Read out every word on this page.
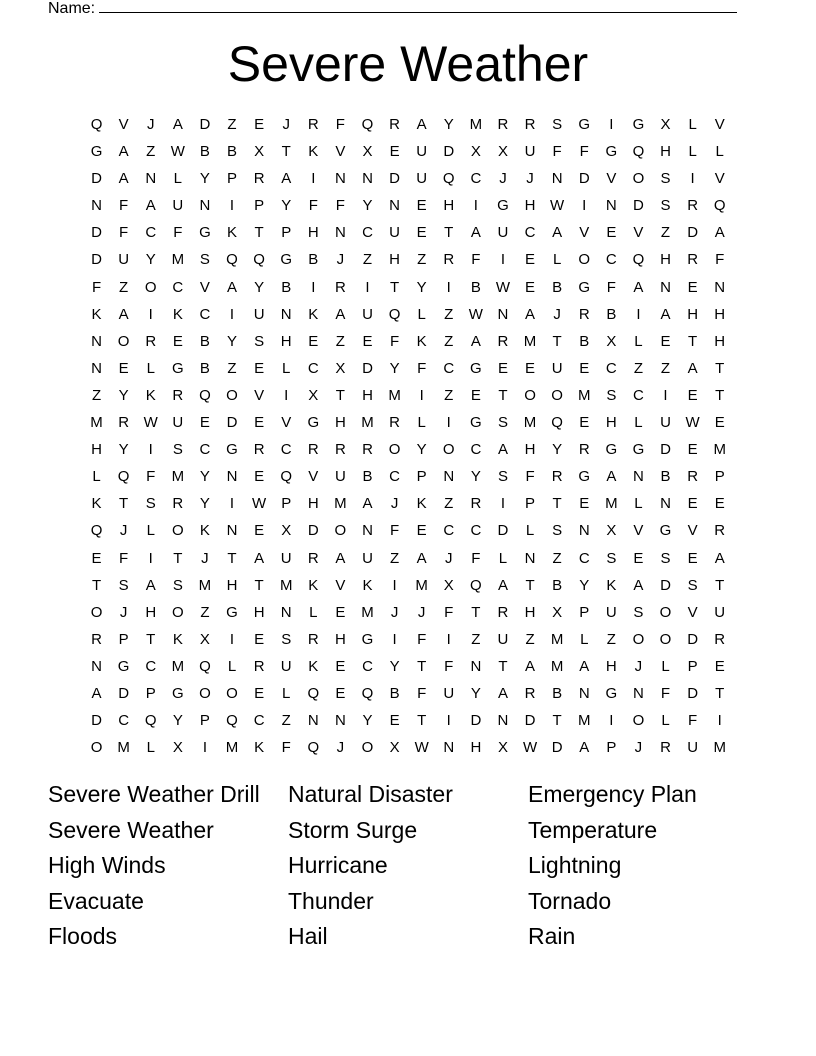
Name:
Severe Weather
Q	V	J	A	D	Z	E	J	R	F	Q	R	A	Y	M	R	R	S	G	I	G	X	L	V
G	A	Z	W	B	B	X	T	K	V	X	E	U	D	X	X	U	F	F	G	Q	H	L	L
D	A	N	L	Y	P	R	A	I	N	N	D	U	Q	C	J	J	N	D	V	O	S	I	V
N	F	A	U	N	I	P	Y	F	F	Y	N	E	H	I	G	H W	I	N	D	S	R	Q
D	F	C	F	G	K	T	P	H	N	C	U	E	T	A	U	C	A	V	E	V	Z	D	A
D	U	Y	M	S	Q	Q	G	B	J	Z	H	Z	R	F	I	E	L	O	C	Q	H	R	F
F	Z	O	C	V	A	Y	B	I	R	I	T	Y	I	B	W	E	B	G	F	A	N	E	N
K	A	I	K	C	I	U	N	K	A	U	Q	L	Z	W N	A	J	R	B	I	A	H	H
N	O	R	E	B	Y	S	H	E	Z	E	F	K	Z	A	R	M	T	B	X	L	E	T	H
N	E	L	G	B	Z	E	L	C	X	D	Y	F	C	G	E	E	U	E	C	Z	Z	A	T
Z	Y	K	R	Q	O	V	I	X	T	H	M	I	Z	E	T	O	O	M	S	C	I	E	T
M	R W U	E	D	E	V	G	H	M	R	L	I	G	S	M	Q	E	H	L	U W	E
H	Y	I	S	C	G	R	C	R	R	R	O	Y	O	C	A	H	Y	R	G	G	D	E	M
L	Q	F	M	Y	N	E	Q	V	U	B	C	P	N	Y	S	F	R	G	A	N	B	R	P
K	T	S	R	Y	I	W	P	H	M	A	J	K	Z	R	I	P	T	E	M	L	N	E	E
Q	J	L	O	K	N	E	X	D	O	N	F	E	C	C	D	L	S	N	X	V	G	V	R
E	F	I	T	J	T	A	U	R	A	U	Z	A	J	F	L	N	Z	C	S	E	S	E	A
T	S	A	S	M	H	T	M	K	V	K	I	M	X	Q	A	T	B	Y	K	A	D	S	T
O	J	H	O	Z	G	H	N	L	E	M	J	J	F	T	R	H	X	P	U	S	O	V	U
R	P	T	K	X	I	E	S	R	H	G	I	F	I	Z	U	Z	M	L	Z	O	O	D	R
N	G	C	M	Q	L	R	U	K	E	C	Y	T	F	N	T	A	M	A	H	J	L	P	E
A	D	P	G	O	O	E	L	Q	E	Q	B	F	U	Y	A	R	B	N	G	N	F	D	T
D	C	Q	Y	P	Q	C	Z	N	N	Y	E	T	I	D	N	D	T	M	I	O	L	F	I
O	M	L	X	I	M	K	F	Q	J	O	X	W N	H	X	W D	A	P	J	R	U	M
Severe Weather Drill	Natural Disaster	Emergency Plan
Severe Weather	Storm Surge	Temperature
High Winds	Hurricane	Lightning
Evacuate	Thunder	Tornado
Floods	Hail	Rain
